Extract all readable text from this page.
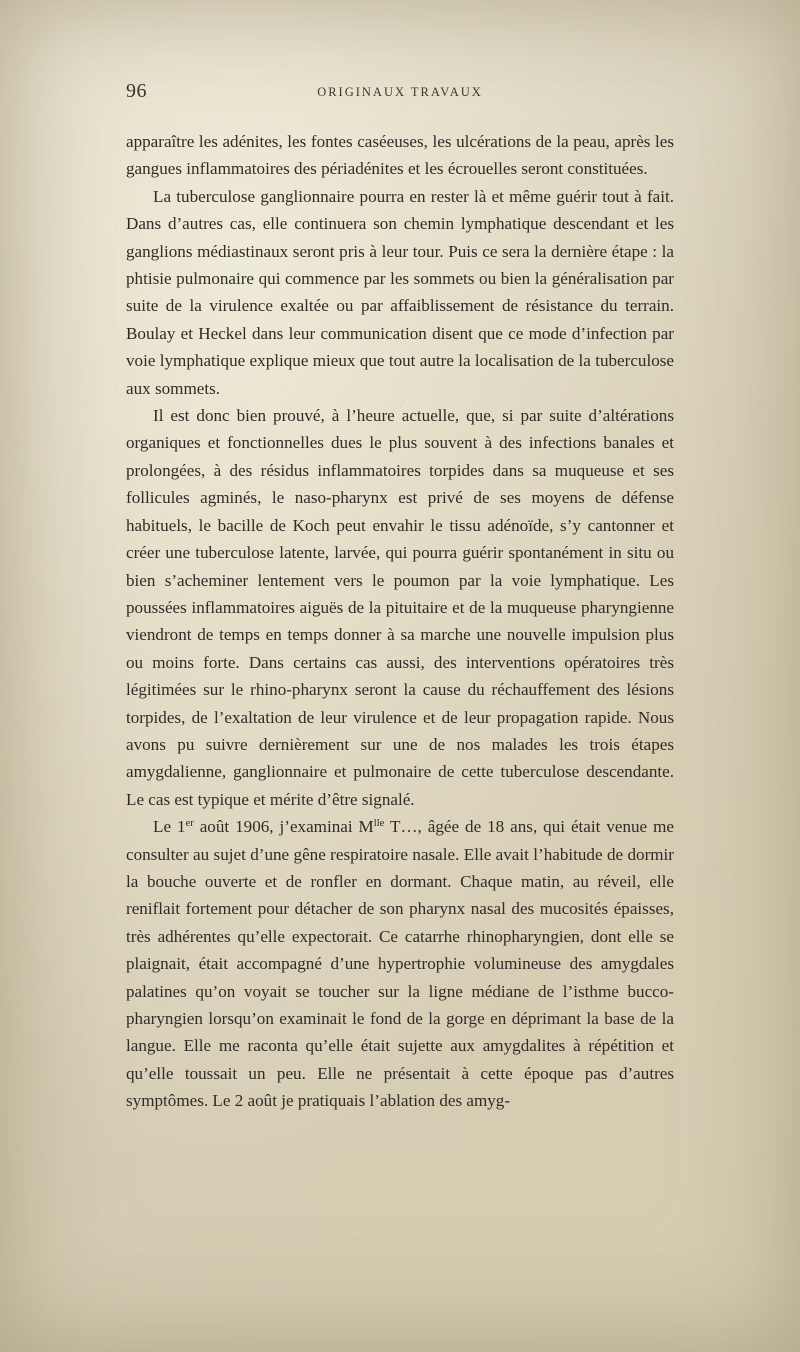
96	ORIGINAUX TRAVAUX

apparaître les adénites, les fontes caséeuses, les ulcérations de la peau, après les gangues inflammatoires des périadénites et les écrouelles seront constituées.

La tuberculose ganglionnaire pourra en rester là et même guérir tout à fait. Dans d’autres cas, elle continuera son chemin lymphatique descendant et les ganglions médiastinaux seront pris à leur tour. Puis ce sera la dernière étape : la phtisie pulmonaire qui commence par les sommets ou bien la généralisation par suite de la virulence exaltée ou par affaiblissement de résistance du terrain. Boulay et Heckel dans leur communication disent que ce mode d’infection par voie lymphatique explique mieux que tout autre la localisation de la tuberculose aux sommets.

Il est donc bien prouvé, à l’heure actuelle, que, si par suite d’altérations organiques et fonctionnelles dues le plus souvent à des infections banales et prolongées, à des résidus inflammatoires torpides dans sa muqueuse et ses follicules agminés, le naso-pharynx est privé de ses moyens de défense habituels, le bacille de Koch peut envahir le tissu adénoïde, s’y cantonner et créer une tuberculose latente, larvée, qui pourra guérir spontanément in situ ou bien s’acheminer lentement vers le poumon par la voie lymphatique. Les poussées inflammatoires aiguës de la pituitaire et de la muqueuse pharyngienne viendront de temps en temps donner à sa marche une nouvelle impulsion plus ou moins forte. Dans certains cas aussi, des interventions opératoires très légitimées sur le rhino-pharynx seront la cause du réchauffement des lésions torpides, de l’exaltation de leur virulence et de leur propagation rapide. Nous avons pu suivre dernièrement sur une de nos malades les trois étapes amygdalienne, ganglionnaire et pulmonaire de cette tuberculose descendante. Le cas est typique et mérite d’être signalé.

Le 1er août 1906, j’examinai $M^{lle}$ T…, âgée de 18 ans, qui était venue me consulter au sujet d’une gêne respiratoire nasale. Elle avait l’habitude de dormir la bouche ouverte et de ronfler en dormant. Chaque matin, au réveil, elle reniflait fortement pour détacher de son pharynx nasal des mucosités épaisses, très adhérentes qu’elle expectorait. Ce catarrhe rhinopharyngien, dont elle se plaignait, était accompagné d’une hypertrophie volumineuse des amygdales palatines qu’on voyait se toucher sur la ligne médiane de l’isthme bucco-pharyngien lorsqu’on examinait le fond de la gorge en déprimant la base de la langue. Elle me raconta qu’elle était sujette aux amygdalites à répétition et qu’elle toussait un peu. Elle ne présentait à cette époque pas d’autres symptômes. Le 2 août je pratiquais l’ablation des amyg-
